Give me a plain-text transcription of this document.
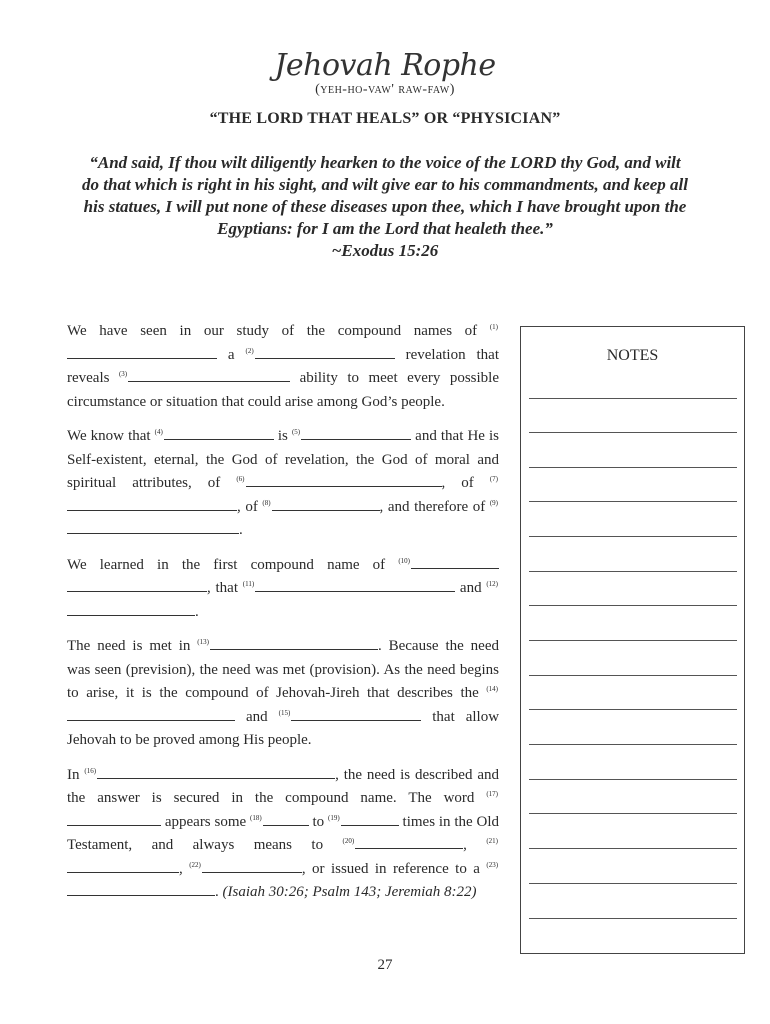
Jehovah Rophe
(yeh-ho-vaw' raw-faw)
“THE LORD THAT HEALS” OR “PHYSICIAN”
“And said, If thou wilt diligently hearken to the voice of the LORD thy God, and wilt do that which is right in his sight, and wilt give ear to his commandments, and keep all his statues, I will put none of these diseases upon thee, which I have brought upon the Egyptians: for I am the Lord that healeth thee.”
~Exodus 15:26

We have seen in our study of the compound names of $^{(1)}$ a $^{(2)}$	revelation that reveals $^{(3)}$	ability to meet every possible circumstance or situation that could arise among God’s people.

We know that $^{(4)}$	is $^{(5)}$	and that He is Self-existent, eternal, the God of revelation, the God of moral and spiritual attributes, of $^{(6)}$	, of $^{(7)}$, of $^{(8)}$	, and therefore of $^{(9)}$.

We learned in the first compound name of $^{(10)}$ , that $^{(11)}$	and $^{(12)}$.

The need is met in $^{(13)}$	. Because the need was seen (prevision), the need was met (provision). As the need begins to arise, it is the compound of Jehovah-Jireh that describes the $^{(14)}$ and $^{(15)}$	that allow Jehovah to be proved among His people.

In $^{(16)}$	, the need is described and the answer is secured in the compound name. The word $^{(17)}$ appears some $^{(18)}$	to $^{(19)}$	times in the Old Testament, and always means to	$^{(20)}$	,	$^{(21)}$, $^{(22)}$	, or issued in reference to a $^{(23)}$. (Isaiah 30:26; Psalm 143; Jeremiah 8:22)

NOTES
27
